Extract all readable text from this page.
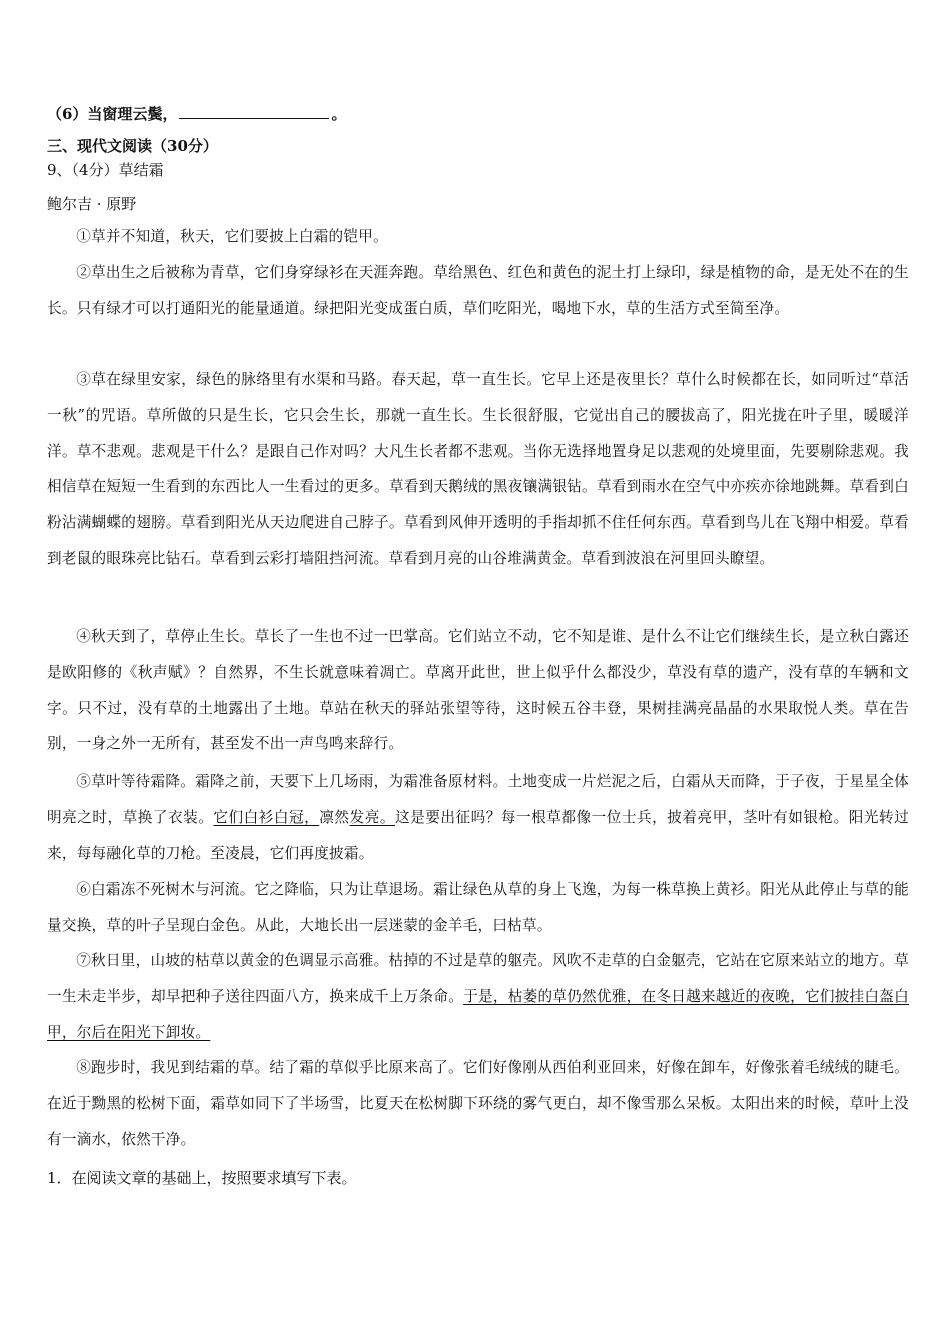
（6）当窗理云鬓，	。
三、现代文阅读（30分）
9、（4分）草结霜
鲍尔吉 · 原野
①草并不知道，秋天，它们要披上白霜的铠甲。
②草出生之后被称为青草，它们身穿绿衫在天涯奔跑。草给黑色、红色和黄色的泥土打上绿印，绿是植物的命，是无处不在的生长。只有绿才可以打通阳光的能量通道。绿把阳光变成蛋白质，草们吃阳光，喝地下水，草的生活方式至简至净。
③草在绿里安家，绿色的脉络里有水渠和马路。春天起，草一直生长。它早上还是夜里长？草什么时候都在长，如同听过“草活一秋”的咒语。草所做的只是生长，它只会生长，那就一直生长。生长很舒服，它觉出自己的腰拔高了，阳光拢在叶子里，暖暖洋洋。草不悲观。悲观是干什么？是跟自己作对吗？大凡生长者都不悲观。当你无选择地置身足以悲观的处境里面，先要剔除悲观。我相信草在短短一生看到的东西比人一生看过的更多。草看到天鹅绒的黑夜镶满银钻。草看到雨水在空气中亦疾亦徐地跳舞。草看到白粉沾满蝴蝶的翅膀。草看到阳光从天边爬进自己脖子。草看到风伸开透明的手指却抓不住任何东西。草看到鸟儿在飞翔中相爱。草看到老鼠的眼珠亮比钻石。草看到云彩打墙阻挡河流。草看到月亮的山谷堆满黄金。草看到波浪在河里回头瞭望。
④秋天到了，草停止生长。草长了一生也不过一巴掌高。它们站立不动，它不知是谁、是什么不让它们继续生长，是立秋白露还是欧阳修的《秋声赋》？自然界，不生长就意味着凋亡。草离开此世，世上似乎什么都没少，草没有草的遗产，没有草的车辆和文字。只不过，没有草的土地露出了土地。草站在秋天的驿站张望等待，这时候五谷丰登，果树挂满亮晶晶的水果取悦人类。草在告别，一身之外一无所有，甚至发不出一声鸟鸣来辞行。
⑤草叶等待霜降。霜降之前，天要下上几场雨，为霜准备原材料。土地变成一片烂泥之后，白霜从天而降，于子夜，于星星全体明亮之时，草换了衣装。它们白衫白冠，凛然发亮。这是要出征吗？每一根草都像一位士兵，披着亮甲，茎叶有如银枪。阳光转过来，每每融化草的刀枪。至凌晨，它们再度披霜。
⑥白霜冻不死树木与河流。它之降临，只为让草退场。霜让绿色从草的身上飞逸，为每一株草换上黄衫。阳光从此停止与草的能量交换，草的叶子呈现白金色。从此，大地长出一层迷蒙的金羊毛，曰枯草。
⑦秋日里，山坡的枯草以黄金的色调显示高雅。枯掉的不过是草的躯壳。风吹不走草的白金躯壳，它站在它原来站立的地方。草一生未走半步，却早把种子送往四面八方，换来成千上万条命。于是，枯萎的草仍然优雅，在冬日越来越近的夜晚，它们披挂白盔白甲，尔后在阳光下卸妆。
⑧跑步时，我见到结霜的草。结了霜的草似乎比原来高了。它们好像刚从西伯利亚回来，好像在卸车，好像张着毛绒绒的睫毛。在近于黝黑的松树下面，霜草如同下了半场雪，比夏天在松树脚下环绕的雾气更白，却不像雪那么呆板。太阳出来的时候，草叶上没有一滴水，依然干净。
1．在阅读文章的基础上，按照要求填写下表。
